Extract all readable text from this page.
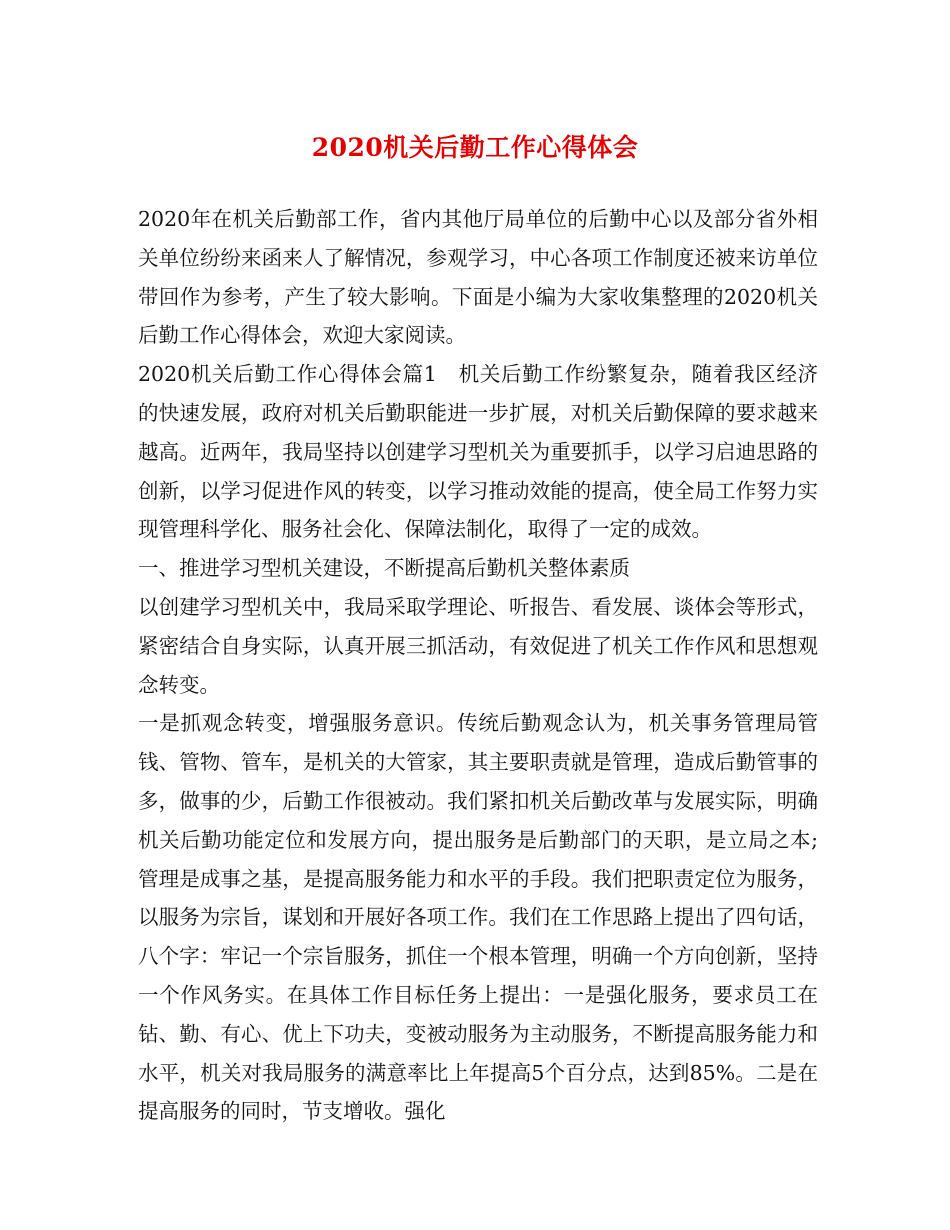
2020机关后勤工作心得体会

2020年在机关后勤部工作，省内其他厅局单位的后勤中心以及部分省外相关单位纷纷来函来人了解情况，参观学习，中心各项工作制度还被来访单位带回作为参考，产生了较大影响。下面是小编为大家收集整理的2020机关后勤工作心得体会，欢迎大家阅读。

2020机关后勤工作心得体会篇1　机关后勤工作纷繁复杂，随着我区经济的快速发展，政府对机关后勤职能进一步扩展，对机关后勤保障的要求越来越高。近两年，我局坚持以创建学习型机关为重要抓手，以学习启迪思路的创新，以学习促进作风的转变，以学习推动效能的提高，使全局工作努力实现管理科学化、服务社会化、保障法制化，取得了一定的成效。

一、推进学习型机关建设，不断提高后勤机关整体素质

以创建学习型机关中，我局采取学理论、听报告、看发展、谈体会等形式，紧密结合自身实际，认真开展三抓活动，有效促进了机关工作作风和思想观念转变。

一是抓观念转变，增强服务意识。传统后勤观念认为，机关事务管理局管钱、管物、管车，是机关的大管家，其主要职责就是管理，造成后勤管事的多，做事的少，后勤工作很被动。我们紧扣机关后勤改革与发展实际，明确机关后勤功能定位和发展方向，提出服务是后勤部门的天职，是立局之本;管理是成事之基，是提高服务能力和水平的手段。我们把职责定位为服务，以服务为宗旨，谋划和开展好各项工作。我们在工作思路上提出了四句话，八个字：牢记一个宗旨服务，抓住一个根本管理，明确一个方向创新，坚持一个作风务实。在具体工作目标任务上提出：一是强化服务，要求员工在钻、勤、有心、优上下功夫，变被动服务为主动服务，不断提高服务能力和水平，机关对我局服务的满意率比上年提高5个百分点，达到85%。二是在提高服务的同时，节支增收。强化
